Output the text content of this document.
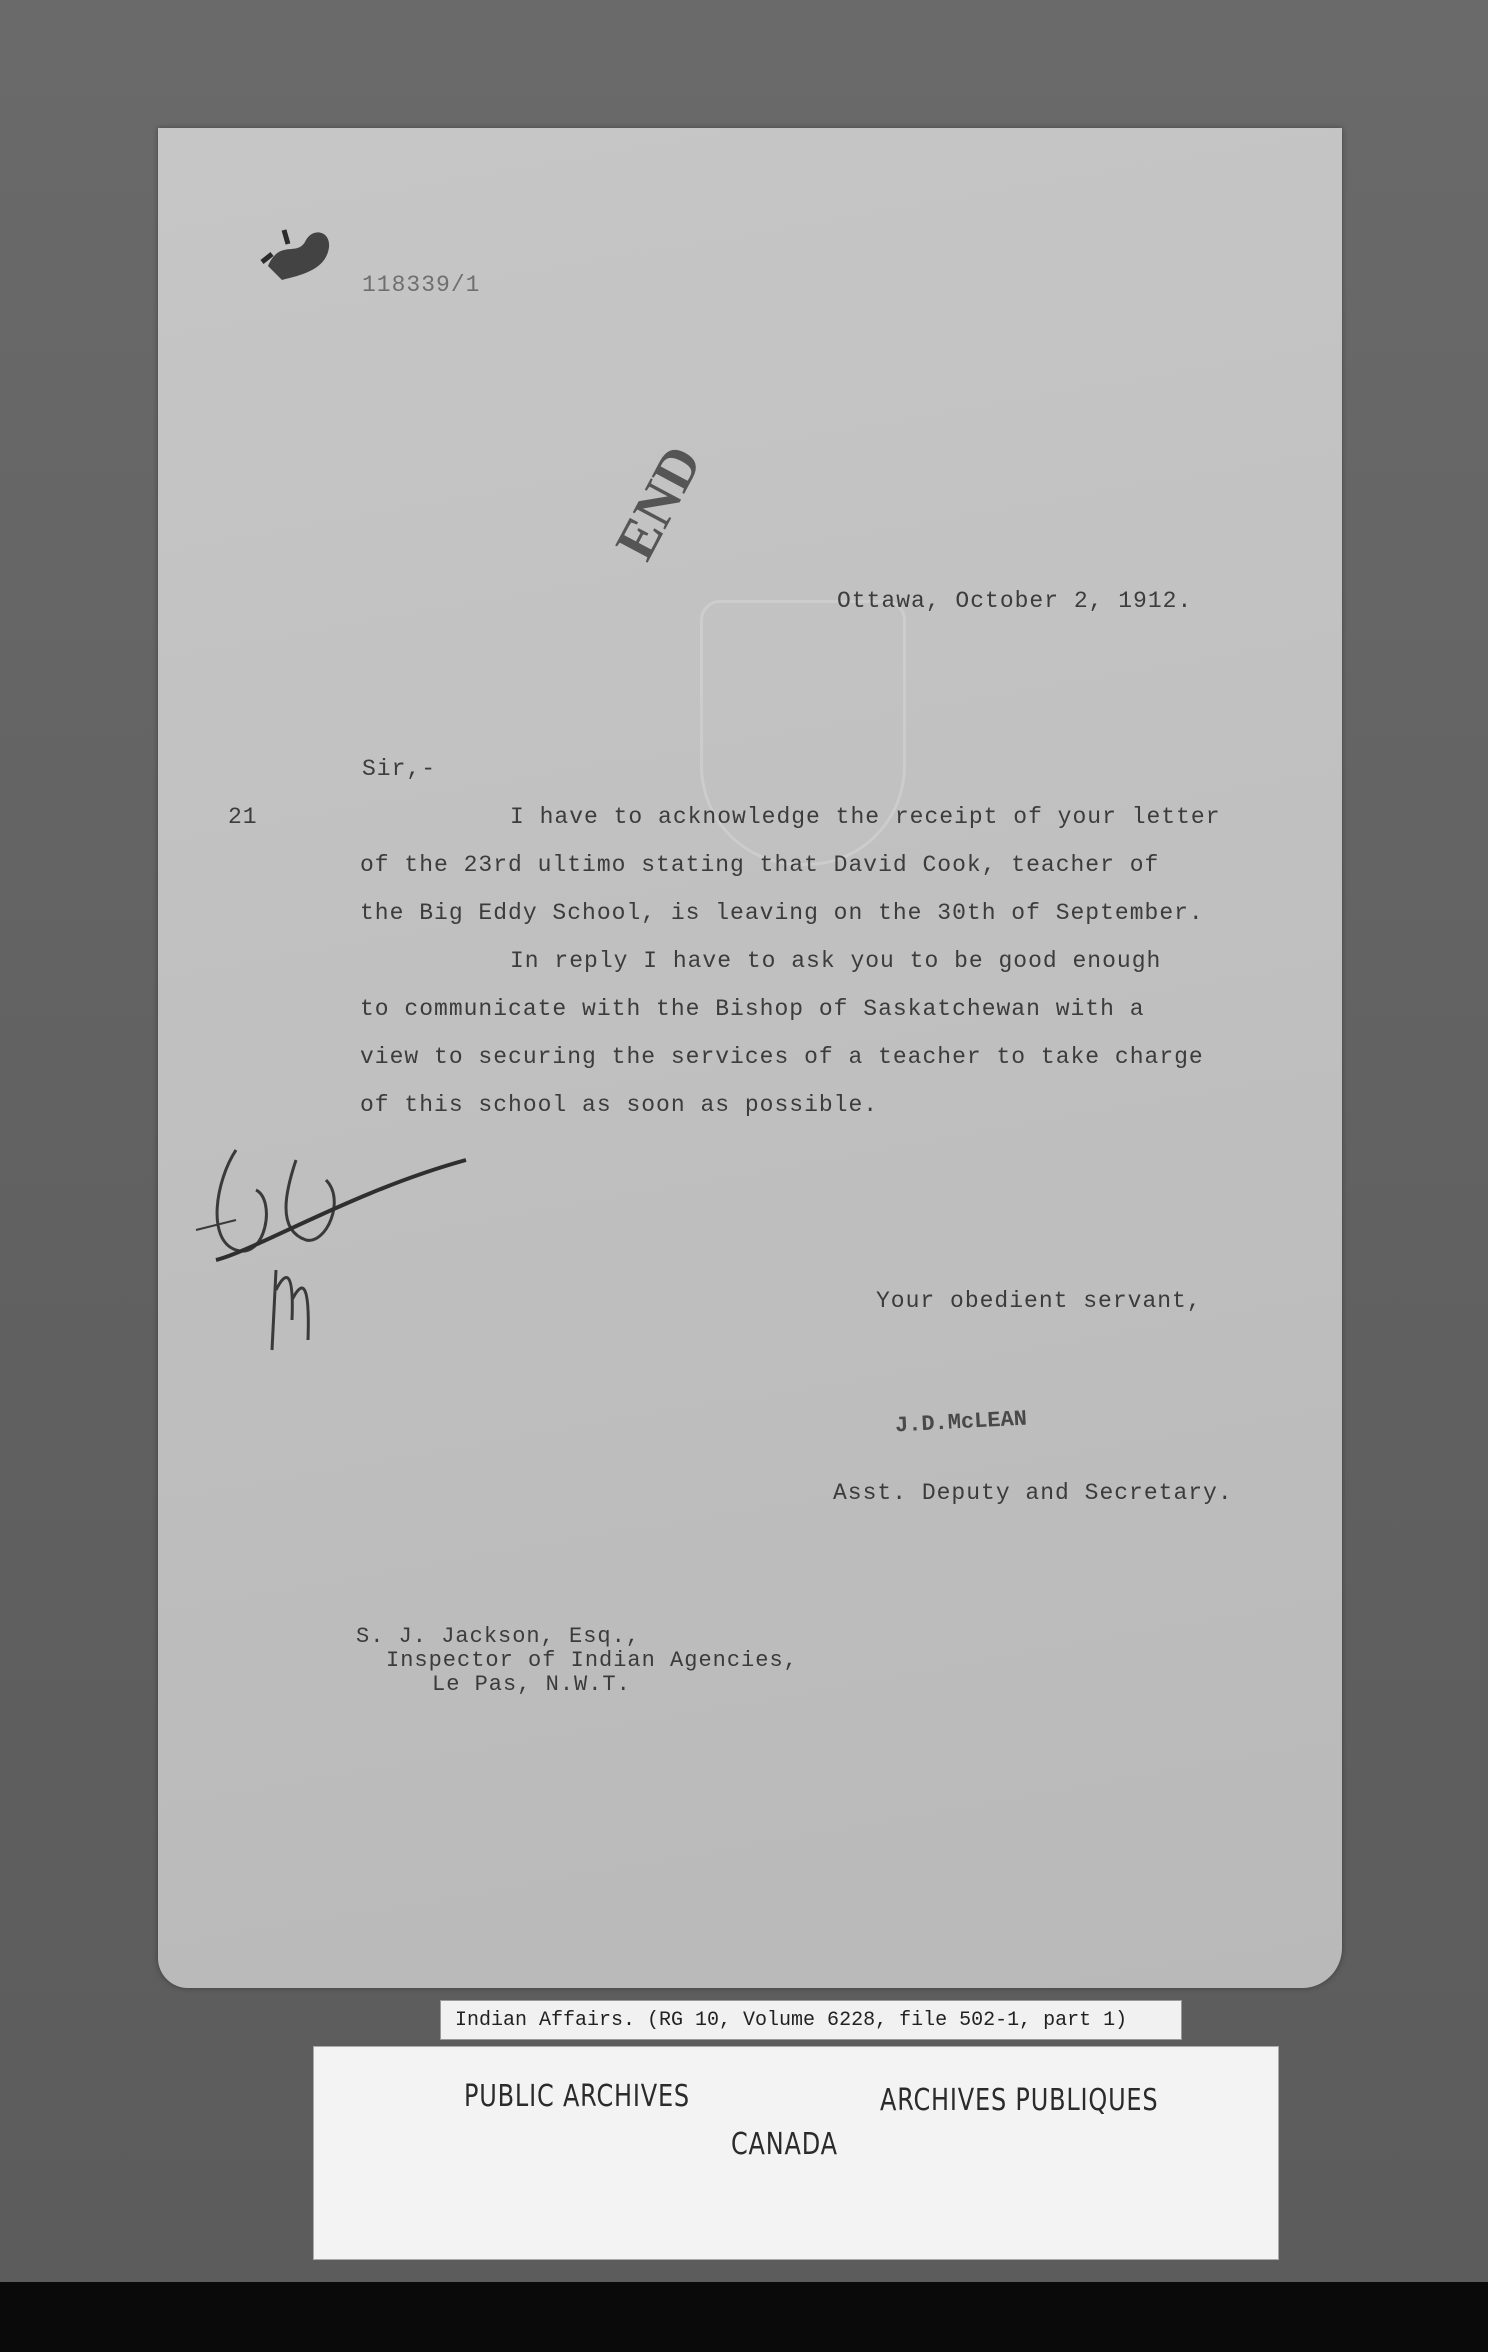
118339/1
END
Ottawa, October 2, 1912.
Sir,-
21	I have to acknowledge the receipt of your letter
of the 23rd ultimo stating that David Cook, teacher of
the Big Eddy School, is leaving on the 30th of September.
In reply I have to ask you to be good enough
to communicate with the Bishop of Saskatchewan with a
view to securing the services of a teacher to take charge
of this school as soon as possible.
Your obedient servant,
J.D.McLEAN
Asst. Deputy and Secretary.
S. J. Jackson, Esq.,
Inspector of Indian Agencies,
Le Pas, N.W.T.
Indian Affairs. (RG 10, Volume 6228, file 502-1, part 1)
PUBLIC ARCHIVES	ARCHIVES PUBLIQUES
CANADA
